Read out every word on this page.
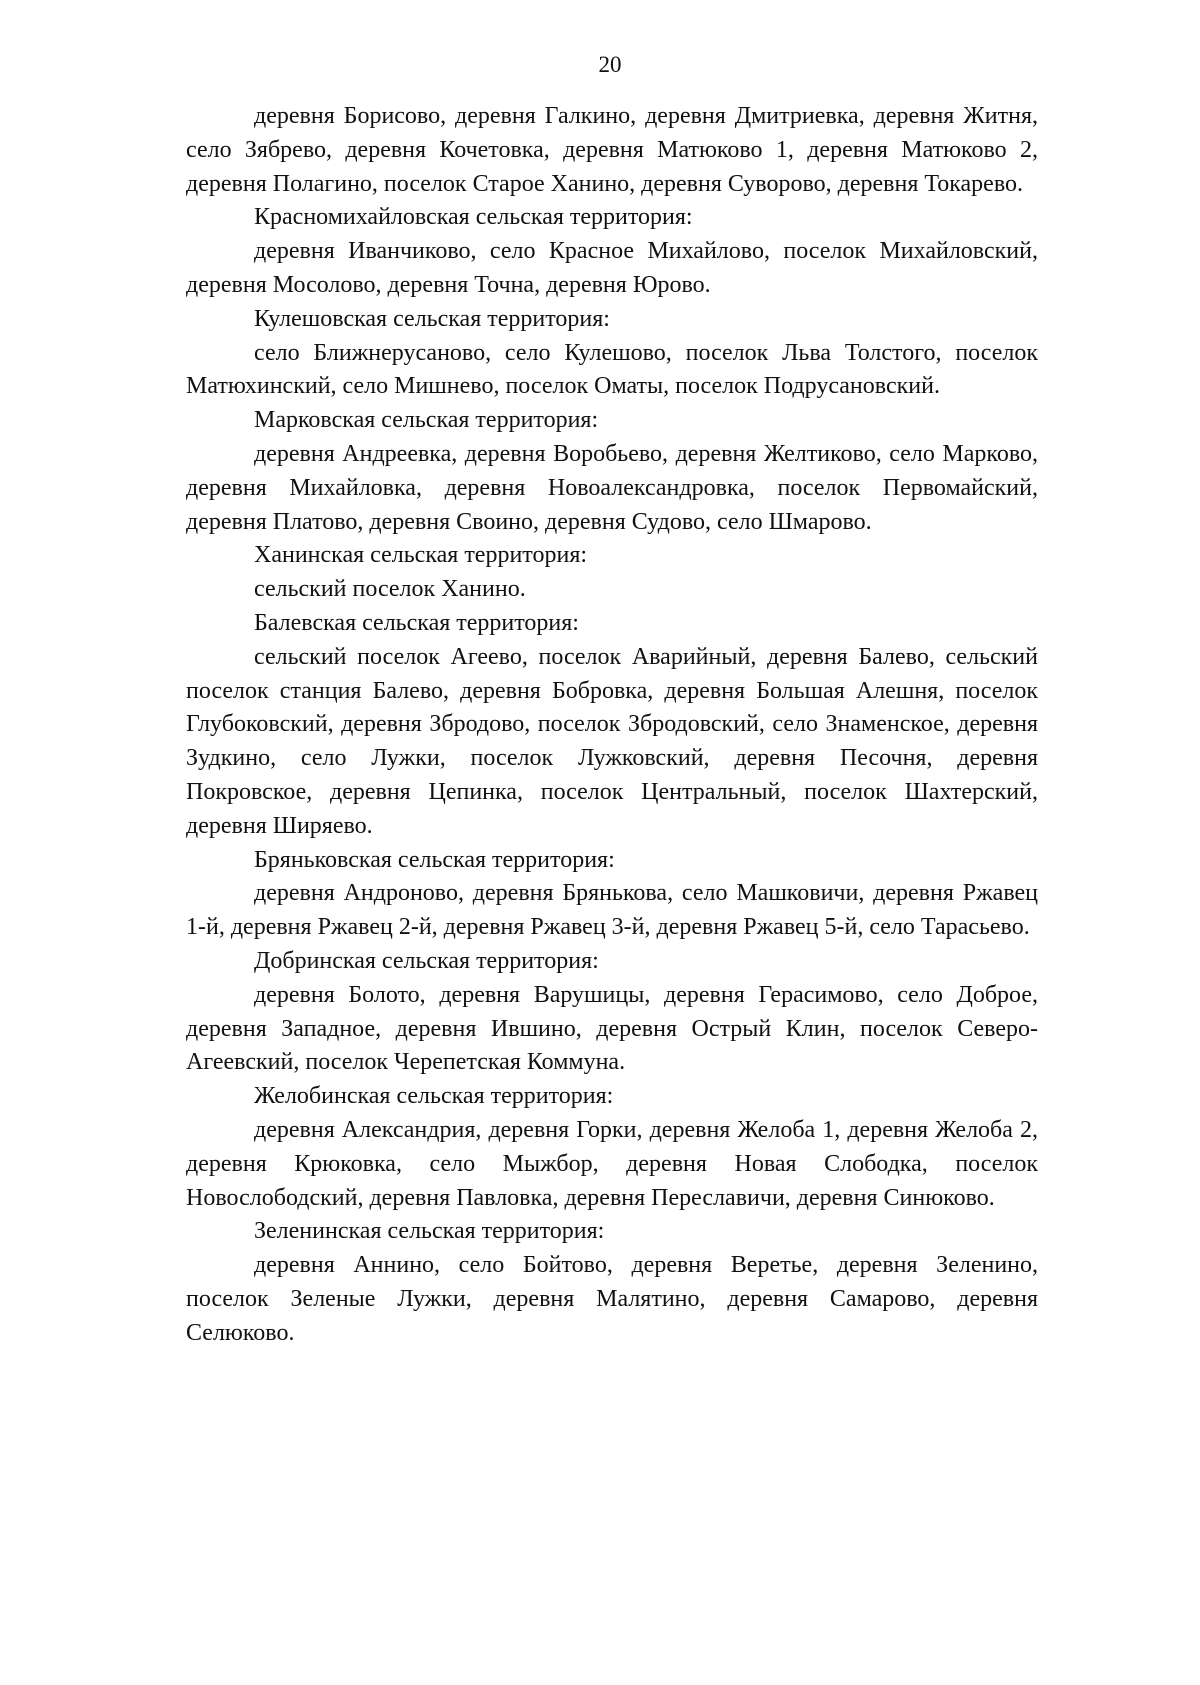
20

деревня Борисово, деревня Галкино, деревня Дмитриевка, деревня Житня, село Зябрево, деревня Кочетовка, деревня Матюково 1, деревня Матюково 2, деревня Полагино, поселок Старое Ханино, деревня Суворово, деревня Токарево.

Красномихайловская сельская территория:

деревня Иванчиково, село Красное Михайлово, поселок Михайловский, деревня Мосолово, деревня Точна, деревня Юрово.

Кулешовская сельская территория:

село Ближнерусаново, село Кулешово, поселок Льва Толстого, поселок Матюхинский, село Мишнево, поселок Оматы, поселок Подрусановский.

Марковская сельская территория:

деревня Андреевка, деревня Воробьево, деревня Желтиково, село Марково, деревня Михайловка, деревня Новоалександровка, поселок Первомайский, деревня Платово, деревня Своино, деревня Судово, село Шмарово.

Ханинская сельская территория:

сельский поселок Ханино.

Балевская сельская территория:

сельский поселок Агеево, поселок Аварийный, деревня Балево, сельский поселок станция Балево, деревня Бобровка, деревня Большая Алешня, поселок Глубоковский, деревня Збродово, поселок Збродовский, село Знаменское, деревня Зудкино, село Лужки, поселок Лужковский, деревня Песочня, деревня Покровское, деревня Цепинка, поселок Центральный, поселок Шахтерский, деревня Ширяево.

Бряньковская сельская территория:

деревня Андроново, деревня Брянькова, село Машковичи, деревня Ржавец 1-й, деревня Ржавец 2-й, деревня Ржавец 3-й, деревня Ржавец 5-й, село Тарасьево.

Добринская сельская территория:

деревня Болото, деревня Варушицы, деревня Герасимово, село Доброе, деревня Западное, деревня Ившино, деревня Острый Клин, поселок Северо-Агеевский, поселок Черепетская Коммуна.

Желобинская сельская территория:

деревня Александрия, деревня Горки, деревня Желоба 1, деревня Желоба 2, деревня Крюковка, село Мыжбор, деревня Новая Слободка, поселок Новослободский, деревня Павловка, деревня Переславичи, деревня Синюково.

Зеленинская сельская территория:

деревня Аннино, село Бойтово, деревня Веретье, деревня Зеленино, поселок Зеленые Лужки, деревня Малятино, деревня Самарово, деревня Селюково.
